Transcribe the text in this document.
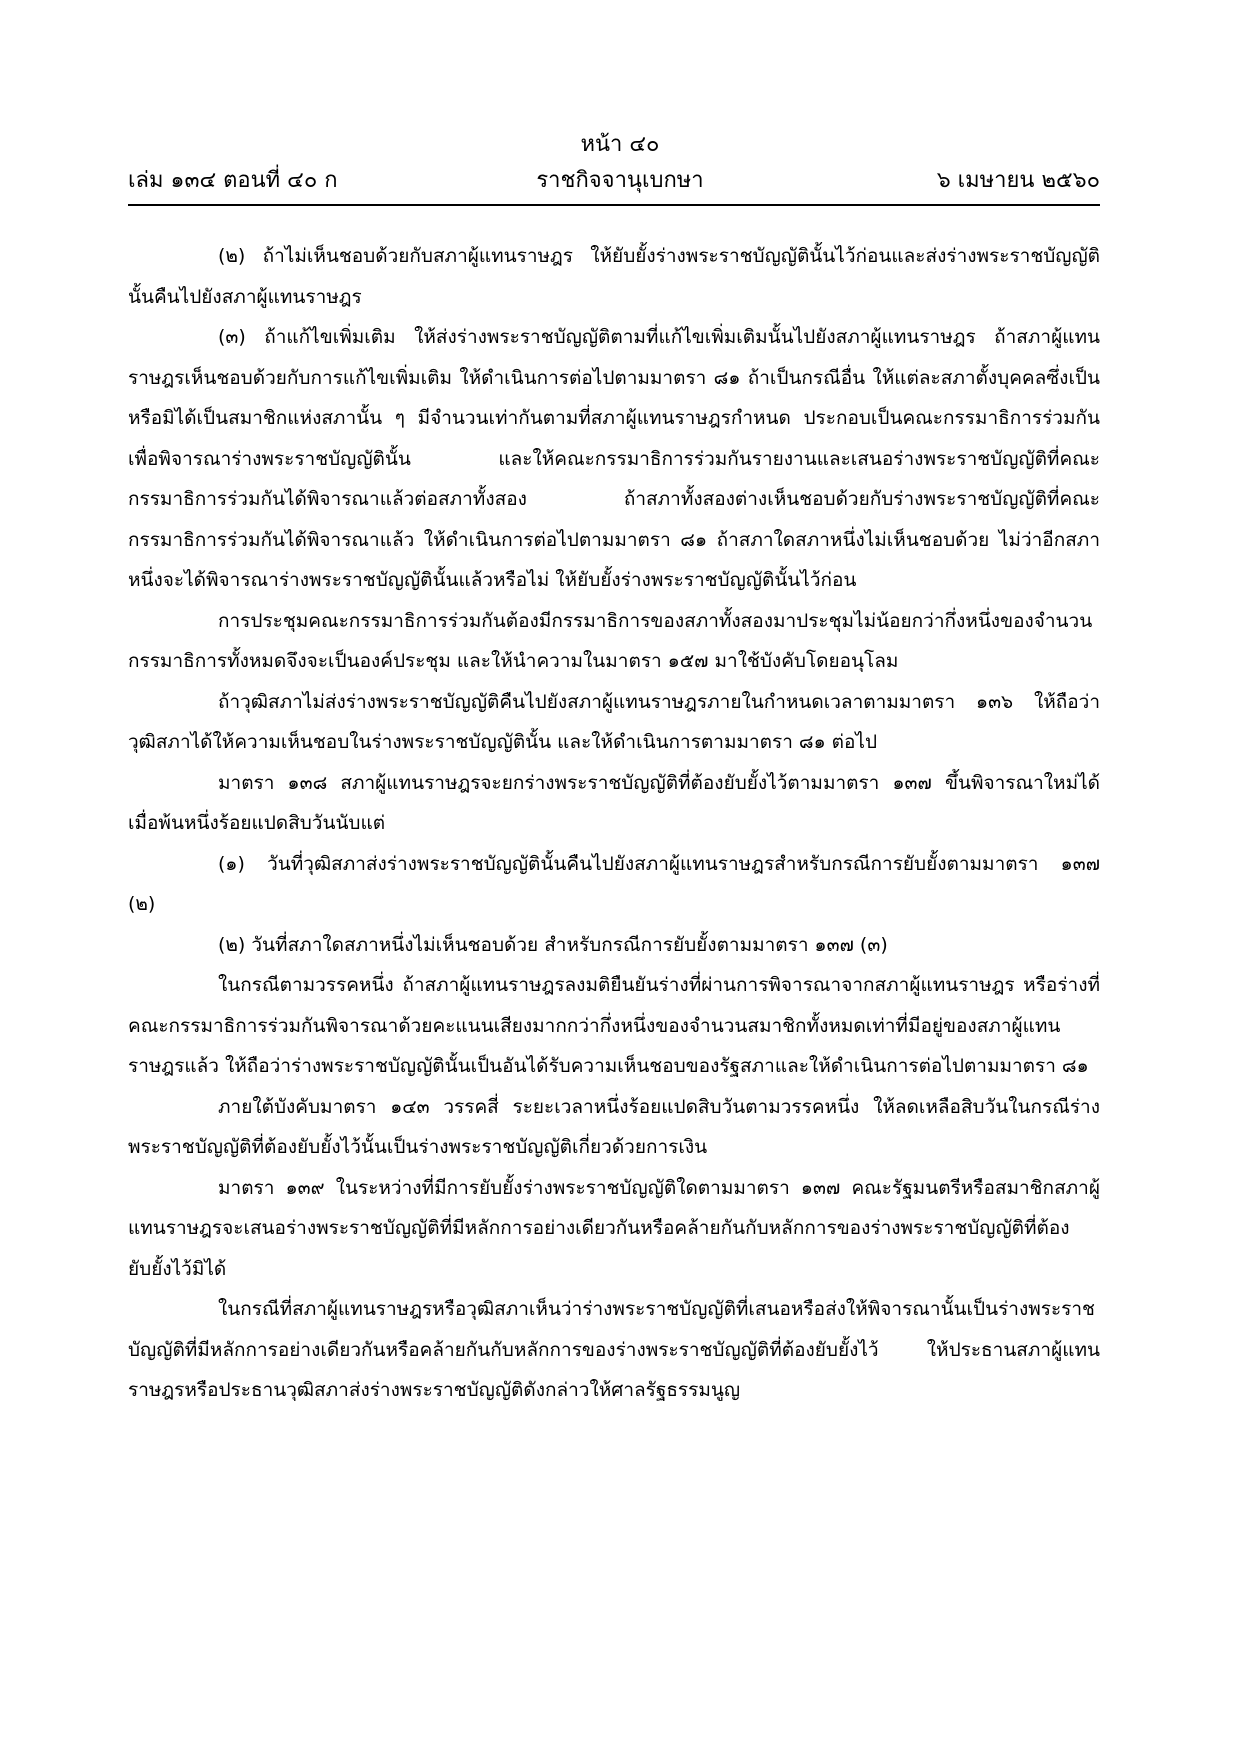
หน้า ๔๐
เล่ม ๑๓๔ ตอนที่ ๔๐ ก	ราชกิจจานุเบกษา	๖ เมษายน ๒๕๖๐

(๒) ถ้าไม่เห็นชอบด้วยกับสภาผู้แทนราษฎร ให้ยับยั้งร่างพระราชบัญญัตินั้นไว้ก่อนและส่งร่างพระราชบัญญัตินั้นคืนไปยังสภาผู้แทนราษฎร

(๓) ถ้าแก้ไขเพิ่มเติม ให้ส่งร่างพระราชบัญญัติตามที่แก้ไขเพิ่มเติมนั้นไปยังสภาผู้แทนราษฎร ถ้าสภาผู้แทนราษฎรเห็นชอบด้วยกับการแก้ไขเพิ่มเติม ให้ดำเนินการต่อไปตามมาตรา ๘๑ ถ้าเป็นกรณีอื่น ให้แต่ละสภาตั้งบุคคลซึ่งเป็นหรือมิได้เป็นสมาชิกแห่งสภานั้น ๆ มีจำนวนเท่ากันตามที่สภาผู้แทนราษฎรกำหนด ประกอบเป็นคณะกรรมาธิการร่วมกันเพื่อพิจารณาร่างพระราชบัญญัตินั้น และให้คณะกรรมาธิการร่วมกันรายงานและเสนอร่างพระราชบัญญัติที่คณะกรรมาธิการร่วมกันได้พิจารณาแล้วต่อสภาทั้งสอง ถ้าสภาทั้งสองต่างเห็นชอบด้วยกับร่างพระราชบัญญัติที่คณะกรรมาธิการร่วมกันได้พิจารณาแล้ว ให้ดำเนินการต่อไปตามมาตรา ๘๑ ถ้าสภาใดสภาหนึ่งไม่เห็นชอบด้วย ไม่ว่าอีกสภาหนึ่งจะได้พิจารณาร่างพระราชบัญญัตินั้นแล้วหรือไม่ ให้ยับยั้งร่างพระราชบัญญัตินั้นไว้ก่อน

การประชุมคณะกรรมาธิการร่วมกันต้องมีกรรมาธิการของสภาทั้งสองมาประชุมไม่น้อยกว่ากึ่งหนึ่งของจำนวนกรรมาธิการทั้งหมดจึงจะเป็นองค์ประชุม และให้นำความในมาตรา ๑๕๗ มาใช้บังคับโดยอนุโลม

ถ้าวุฒิสภาไม่ส่งร่างพระราชบัญญัติคืนไปยังสภาผู้แทนราษฎรภายในกำหนดเวลาตามมาตรา ๑๓๖ ให้ถือว่าวุฒิสภาได้ให้ความเห็นชอบในร่างพระราชบัญญัตินั้น และให้ดำเนินการตามมาตรา ๘๑ ต่อไป

มาตรา ๑๓๘ สภาผู้แทนราษฎรจะยกร่างพระราชบัญญัติที่ต้องยับยั้งไว้ตามมาตรา ๑๓๗ ขึ้นพิจารณาใหม่ได้เมื่อพ้นหนึ่งร้อยแปดสิบวันนับแต่

(๑) วันที่วุฒิสภาส่งร่างพระราชบัญญัตินั้นคืนไปยังสภาผู้แทนราษฎรสำหรับกรณีการยับยั้งตามมาตรา ๑๓๗ (๒)

(๒) วันที่สภาใดสภาหนึ่งไม่เห็นชอบด้วย สำหรับกรณีการยับยั้งตามมาตรา ๑๓๗ (๓)

ในกรณีตามวรรคหนึ่ง ถ้าสภาผู้แทนราษฎรลงมติยืนยันร่างที่ผ่านการพิจารณาจากสภาผู้แทนราษฎร หรือร่างที่คณะกรรมาธิการร่วมกันพิจารณาด้วยคะแนนเสียงมากกว่ากึ่งหนึ่งของจำนวนสมาชิกทั้งหมดเท่าที่มีอยู่ของสภาผู้แทนราษฎรแล้ว ให้ถือว่าร่างพระราชบัญญัตินั้นเป็นอันได้รับความเห็นชอบของรัฐสภาและให้ดำเนินการต่อไปตามมาตรา ๘๑

ภายใต้บังคับมาตรา ๑๔๓ วรรคสี่ ระยะเวลาหนึ่งร้อยแปดสิบวันตามวรรคหนึ่ง ให้ลดเหลือสิบวันในกรณีร่างพระราชบัญญัติที่ต้องยับยั้งไว้นั้นเป็นร่างพระราชบัญญัติเกี่ยวด้วยการเงิน

มาตรา ๑๓๙ ในระหว่างที่มีการยับยั้งร่างพระราชบัญญัติใดตามมาตรา ๑๓๗ คณะรัฐมนตรีหรือสมาชิกสภาผู้แทนราษฎรจะเสนอร่างพระราชบัญญัติที่มีหลักการอย่างเดียวกันหรือคล้ายกันกับหลักการของร่างพระราชบัญญัติที่ต้องยับยั้งไว้มิได้

ในกรณีที่สภาผู้แทนราษฎรหรือวุฒิสภาเห็นว่าร่างพระราชบัญญัติที่เสนอหรือส่งให้พิจารณานั้นเป็นร่างพระราชบัญญัติที่มีหลักการอย่างเดียวกันหรือคล้ายกันกับหลักการของร่างพระราชบัญญัติที่ต้องยับยั้งไว้ ให้ประธานสภาผู้แทนราษฎรหรือประธานวุฒิสภาส่งร่างพระราชบัญญัติดังกล่าวให้ศาลรัฐธรรมนูญ
